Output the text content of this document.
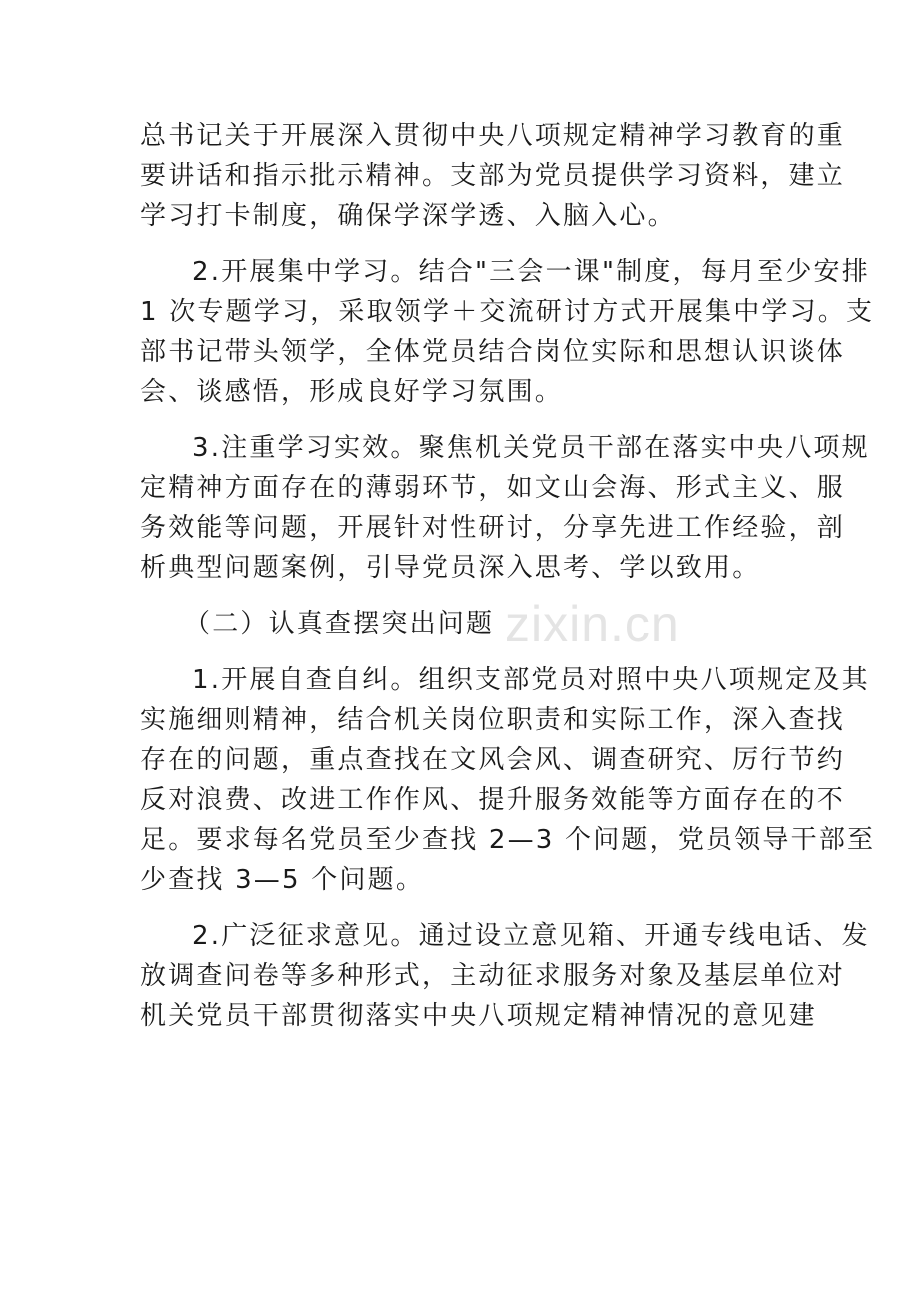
总书记关于开展深入贯彻中央八项规定精神学习教育的重
要讲话和指示批示精神。支部为党员提供学习资料，建立
学习打卡制度，确保学深学透、入脑入心。
2.开展集中学习。结合"三会一课"制度，每月至少安排
1 次专题学习，采取领学＋交流研讨方式开展集中学习。支
部书记带头领学，全体党员结合岗位实际和思想认识谈体
会、谈感悟，形成良好学习氛围。
3.注重学习实效。聚焦机关党员干部在落实中央八项规
定精神方面存在的薄弱环节，如文山会海、形式主义、服
务效能等问题，开展针对性研讨，分享先进工作经验，剖
析典型问题案例，引导党员深入思考、学以致用。
（二）认真查摆突出问题
1.开展自查自纠。组织支部党员对照中央八项规定及其
实施细则精神，结合机关岗位职责和实际工作，深入查找
存在的问题，重点查找在文风会风、调查研究、厉行节约
反对浪费、改进工作作风、提升服务效能等方面存在的不
足。要求每名党员至少查找 2—3 个问题，党员领导干部至
少查找 3—5 个问题。
2.广泛征求意见。通过设立意见箱、开通专线电话、发
放调查问卷等多种形式，主动征求服务对象及基层单位对
机关党员干部贯彻落实中央八项规定精神情况的意见建
zixin.cn
